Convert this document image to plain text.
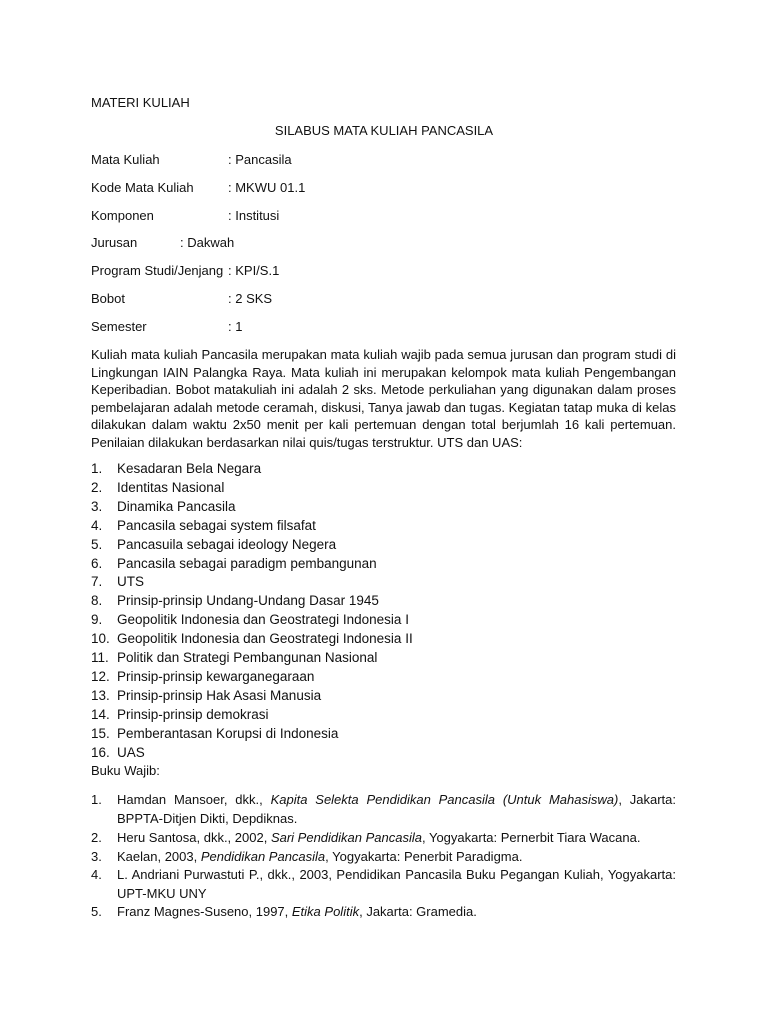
MATERI KULIAH
SILABUS MATA KULIAH PANCASILA
Mata Kuliah	: Pancasila
Kode Mata Kuliah	: MKWU 01.1
Komponen	: Institusi
Jurusan	: Dakwah
Program Studi/Jenjang : KPI/S.1
Bobot	: 2 SKS
Semester	: 1

Kuliah mata kuliah Pancasila merupakan mata kuliah wajib pada semua jurusan dan program studi di Lingkungan IAIN Palangka Raya. Mata kuliah ini merupakan kelompok mata kuliah Pengembangan Keperibadian. Bobot matakuliah ini adalah 2 sks. Metode perkuliahan yang digunakan dalam proses pembelajaran adalah metode ceramah, diskusi, Tanya jawab dan tugas. Kegiatan tatap muka di kelas dilakukan dalam waktu 2x50 menit per kali pertemuan dengan total berjumlah 16 kali pertemuan. Penilaian dilakukan berdasarkan nilai quis/tugas terstruktur. UTS dan UAS:

1. Kesadaran Bela Negara
2. Identitas Nasional
3. Dinamika Pancasila
4. Pancasila sebagai system filsafat
5. Pancasuila sebagai ideology Negera
6. Pancasila sebagai paradigm pembangunan
7. UTS
8. Prinsip-prinsip Undang-Undang Dasar 1945
9. Geopolitik Indonesia dan Geostrategi Indonesia I
10. Geopolitik Indonesia dan Geostrategi Indonesia II
11. Politik dan Strategi Pembangunan Nasional
12. Prinsip-prinsip kewarganegaraan
13. Prinsip-prinsip Hak Asasi Manusia
14. Prinsip-prinsip demokrasi
15. Pemberantasan Korupsi di Indonesia
16. UAS
Buku Wajib:
1. Hamdan Mansoer, dkk., Kapita Selekta Pendidikan Pancasila (Untuk Mahasiswa), Jakarta: BPPTA-Ditjen Dikti, Depdiknas.
2. Heru Santosa, dkk., 2002, Sari Pendidikan Pancasila, Yogyakarta: Pernerbit Tiara Wacana.
3. Kaelan, 2003, Pendidikan Pancasila, Yogyakarta: Penerbit Paradigma.
4. L. Andriani Purwastuti P., dkk., 2003, Pendidikan Pancasila Buku Pegangan Kuliah, Yogyakarta: UPT-MKU UNY
5. Franz Magnes-Suseno, 1997, Etika Politik, Jakarta: Gramedia.
